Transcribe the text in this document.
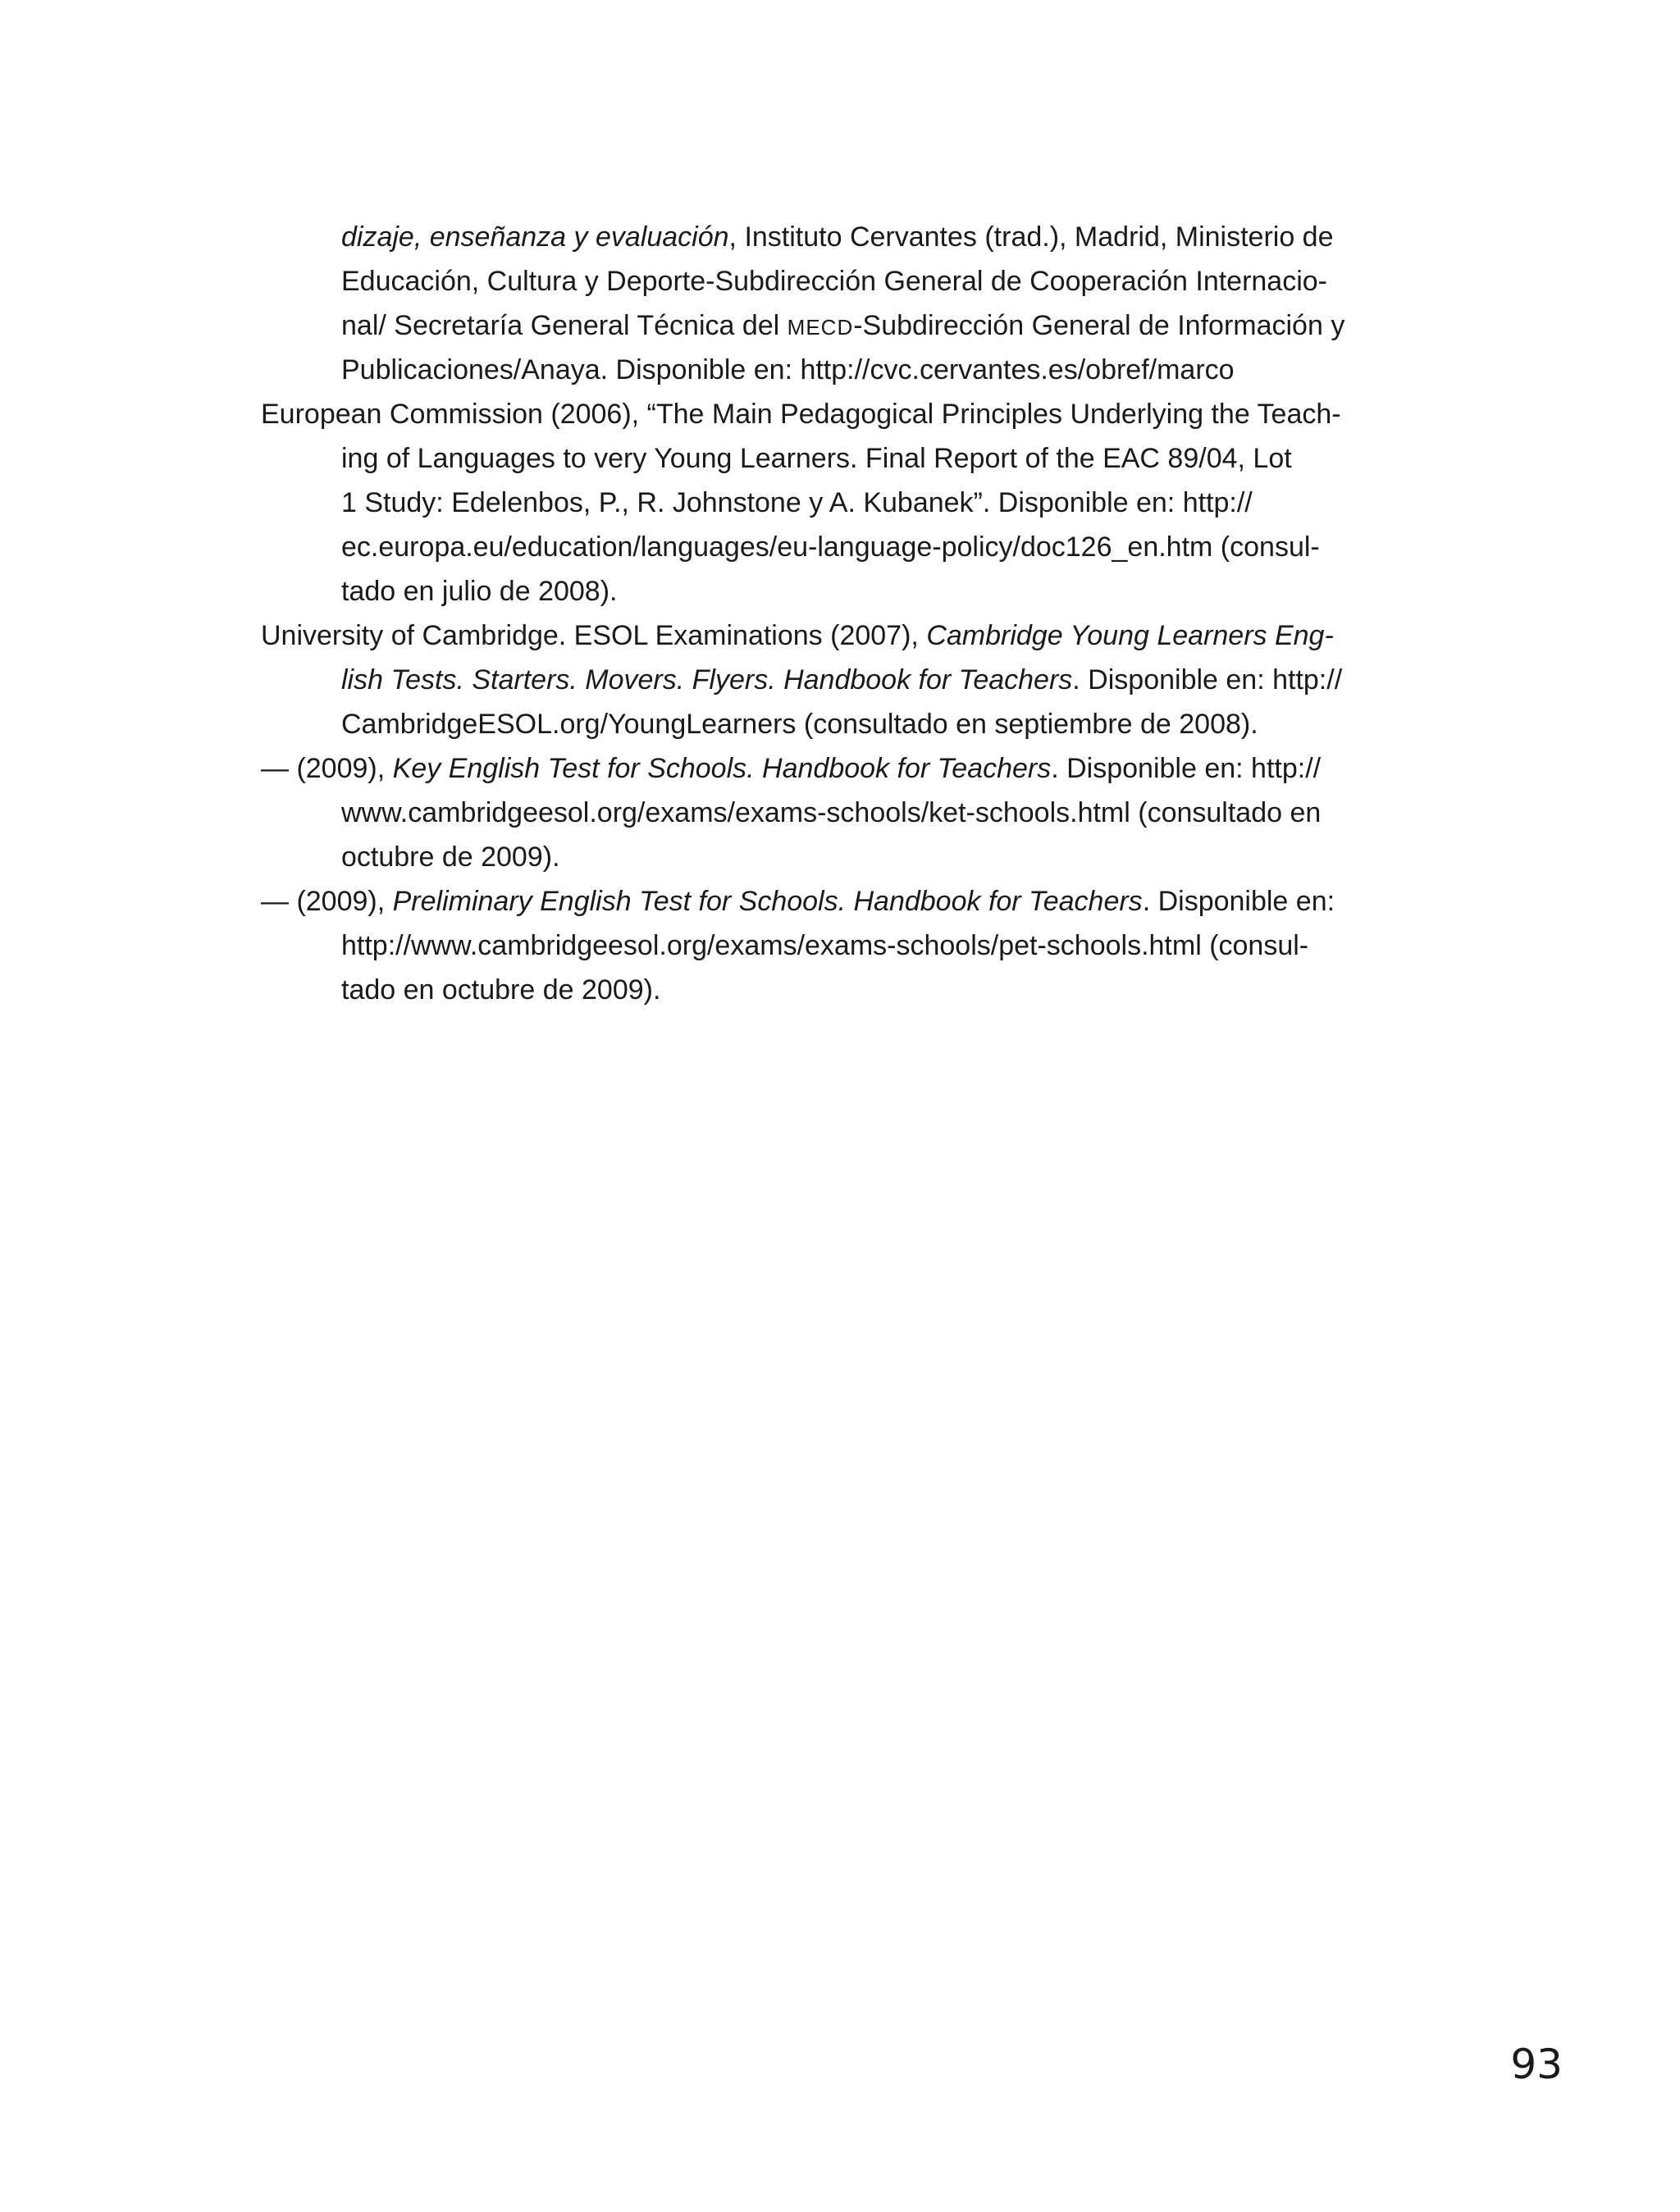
dizaje, enseñanza y evaluación, Instituto Cervantes (trad.), Madrid, Ministerio de
Educación, Cultura y Deporte-Subdirección General de Cooperación Internacio-
nal/ Secretaría General Técnica del MECD-Subdirección General de Información y
Publicaciones/Anaya. Disponible en: http://cvc.cervantes.es/obref/marco
European Commission (2006), “The Main Pedagogical Principles Underlying the Teach-
ing of Languages to very Young Learners. Final Report of the EAC 89/04, Lot
1 Study: Edelenbos, P., R. Johnstone y A. Kubanek”. Disponible en: http://
ec.europa.eu/education/languages/eu-language-policy/doc126_en.htm (consul-
tado en julio de 2008).
University of Cambridge. ESOL Examinations (2007), Cambridge Young Learners Eng-
lish Tests. Starters. Movers. Flyers. Handbook for Teachers. Disponible en: http://
CambridgeESOL.org/YoungLearners (consultado en septiembre de 2008).
— (2009), Key English Test for Schools. Handbook for Teachers. Disponible en: http://
www.cambridgeesol.org/exams/exams-schools/ket-schools.html (consultado en
octubre de 2009).
— (2009), Preliminary English Test for Schools. Handbook for Teachers. Disponible en:
http://www.cambridgeesol.org/exams/exams-schools/pet-schools.html (consul-
tado en octubre de 2009).
93
